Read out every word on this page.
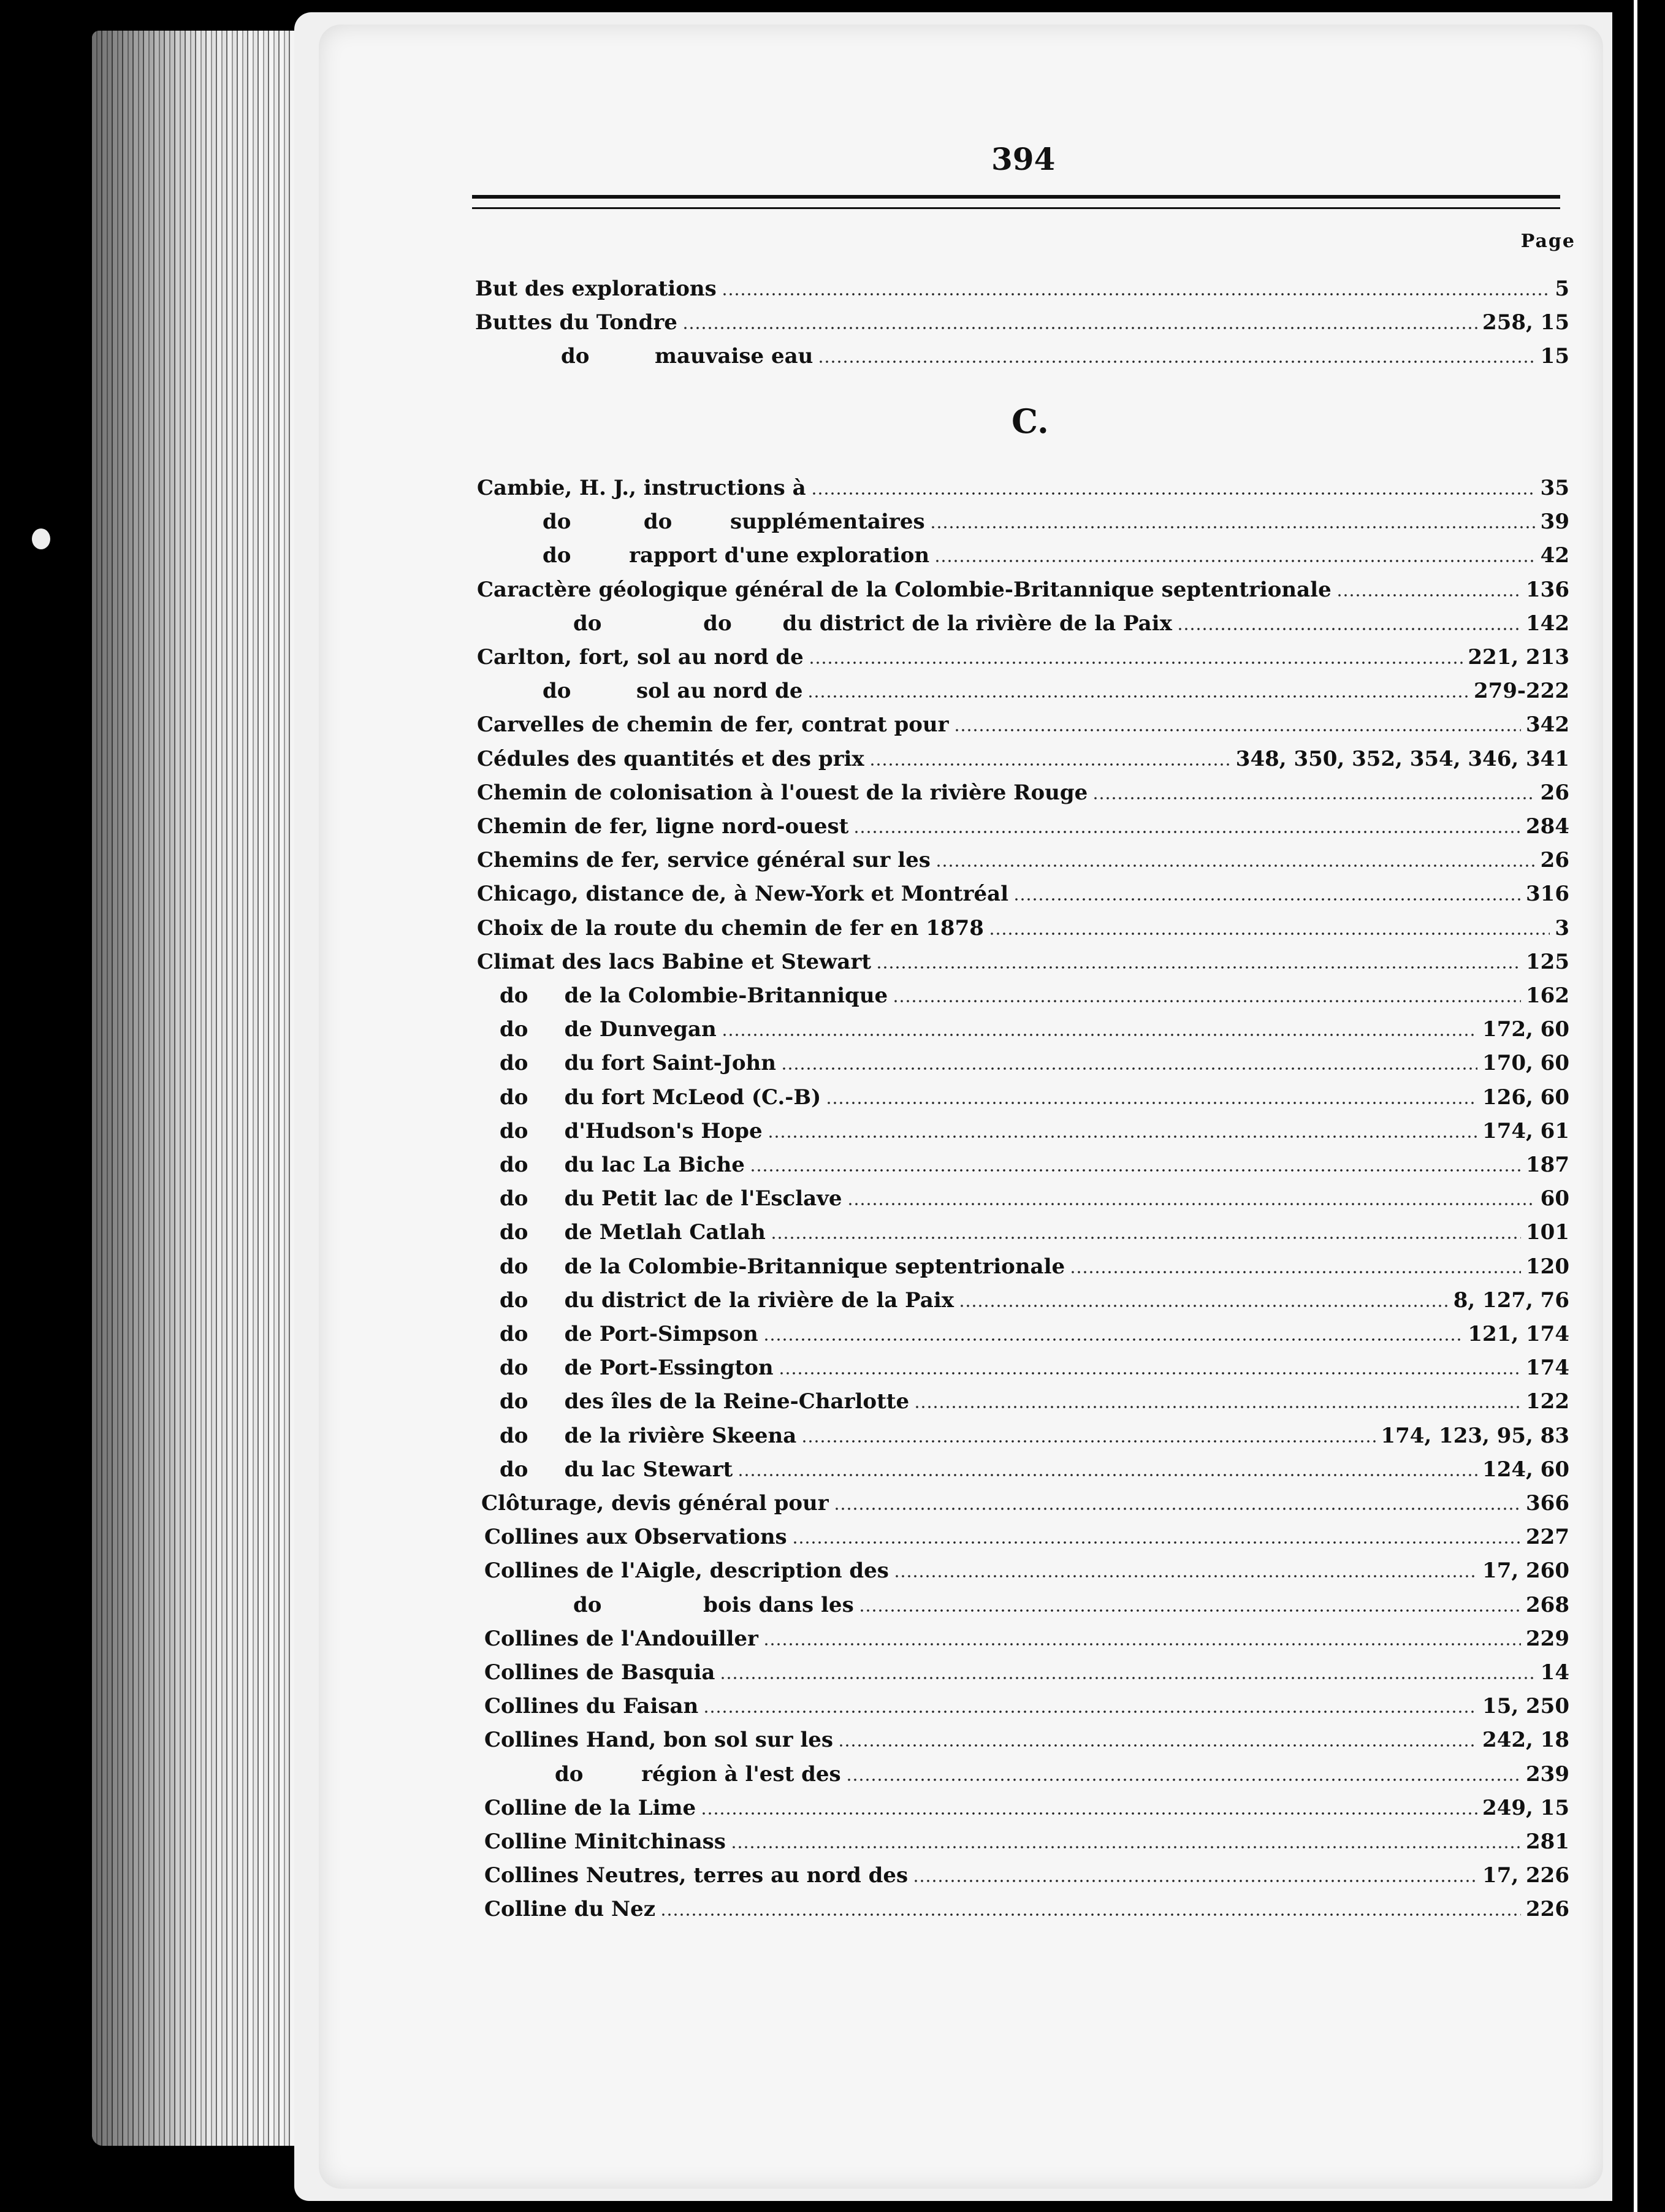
394
Page
But des explorations	5
Buttes du Tondre	258, 15
do         mauvaise eau	15
C.
Cambie, H. J., instructions à	35
do          do        supplémentaires	39
do        rapport d'une exploration	42
Caractère géologique général de la Colombie-Britannique septentrionale	136
do              do       du district de la rivière de la Paix	142
Carlton, fort, sol au nord de	221, 213
do         sol au nord de	279-222
Carvelles de chemin de fer, contrat pour	342
Cédules des quantités et des prix	348, 350, 352, 354, 346, 341
Chemin de colonisation à l'ouest de la rivière Rouge	26
Chemin de fer, ligne nord-ouest	284
Chemins de fer, service général sur les	26
Chicago, distance de, à New-York et Montréal	316
Choix de la route du chemin de fer en 1878	3
Climat des lacs Babine et Stewart	125
do     de la Colombie-Britannique	162
do     de Dunvegan	172, 60
do     du fort Saint-John	170, 60
do     du fort McLeod (C.-B)	126, 60
do     d'Hudson's Hope	174, 61
do     du lac La Biche	187
do     du Petit lac de l'Esclave	60
do     de Metlah Catlah	101
do     de la Colombie-Britannique septentrionale	120
do     du district de la rivière de la Paix	8, 127, 76
do     de Port-Simpson	121, 174
do     de Port-Essington	174
do     des îles de la Reine-Charlotte	122
do     de la rivière Skeena	174, 123, 95, 83
do     du lac Stewart	124, 60
Clôturage, devis général pour	366
Collines aux Observations	227
Collines de l'Aigle, description des	17, 260
do              bois dans les	268
Collines de l'Andouiller	229
Collines de Basquia	14
Collines du Faisan	15, 250
Collines Hand, bon sol sur les	242, 18
do        région à l'est des	239
Colline de la Lime	249, 15
Colline Minitchinass	281
Collines Neutres, terres au nord des	17, 226
Colline du Nez	226
